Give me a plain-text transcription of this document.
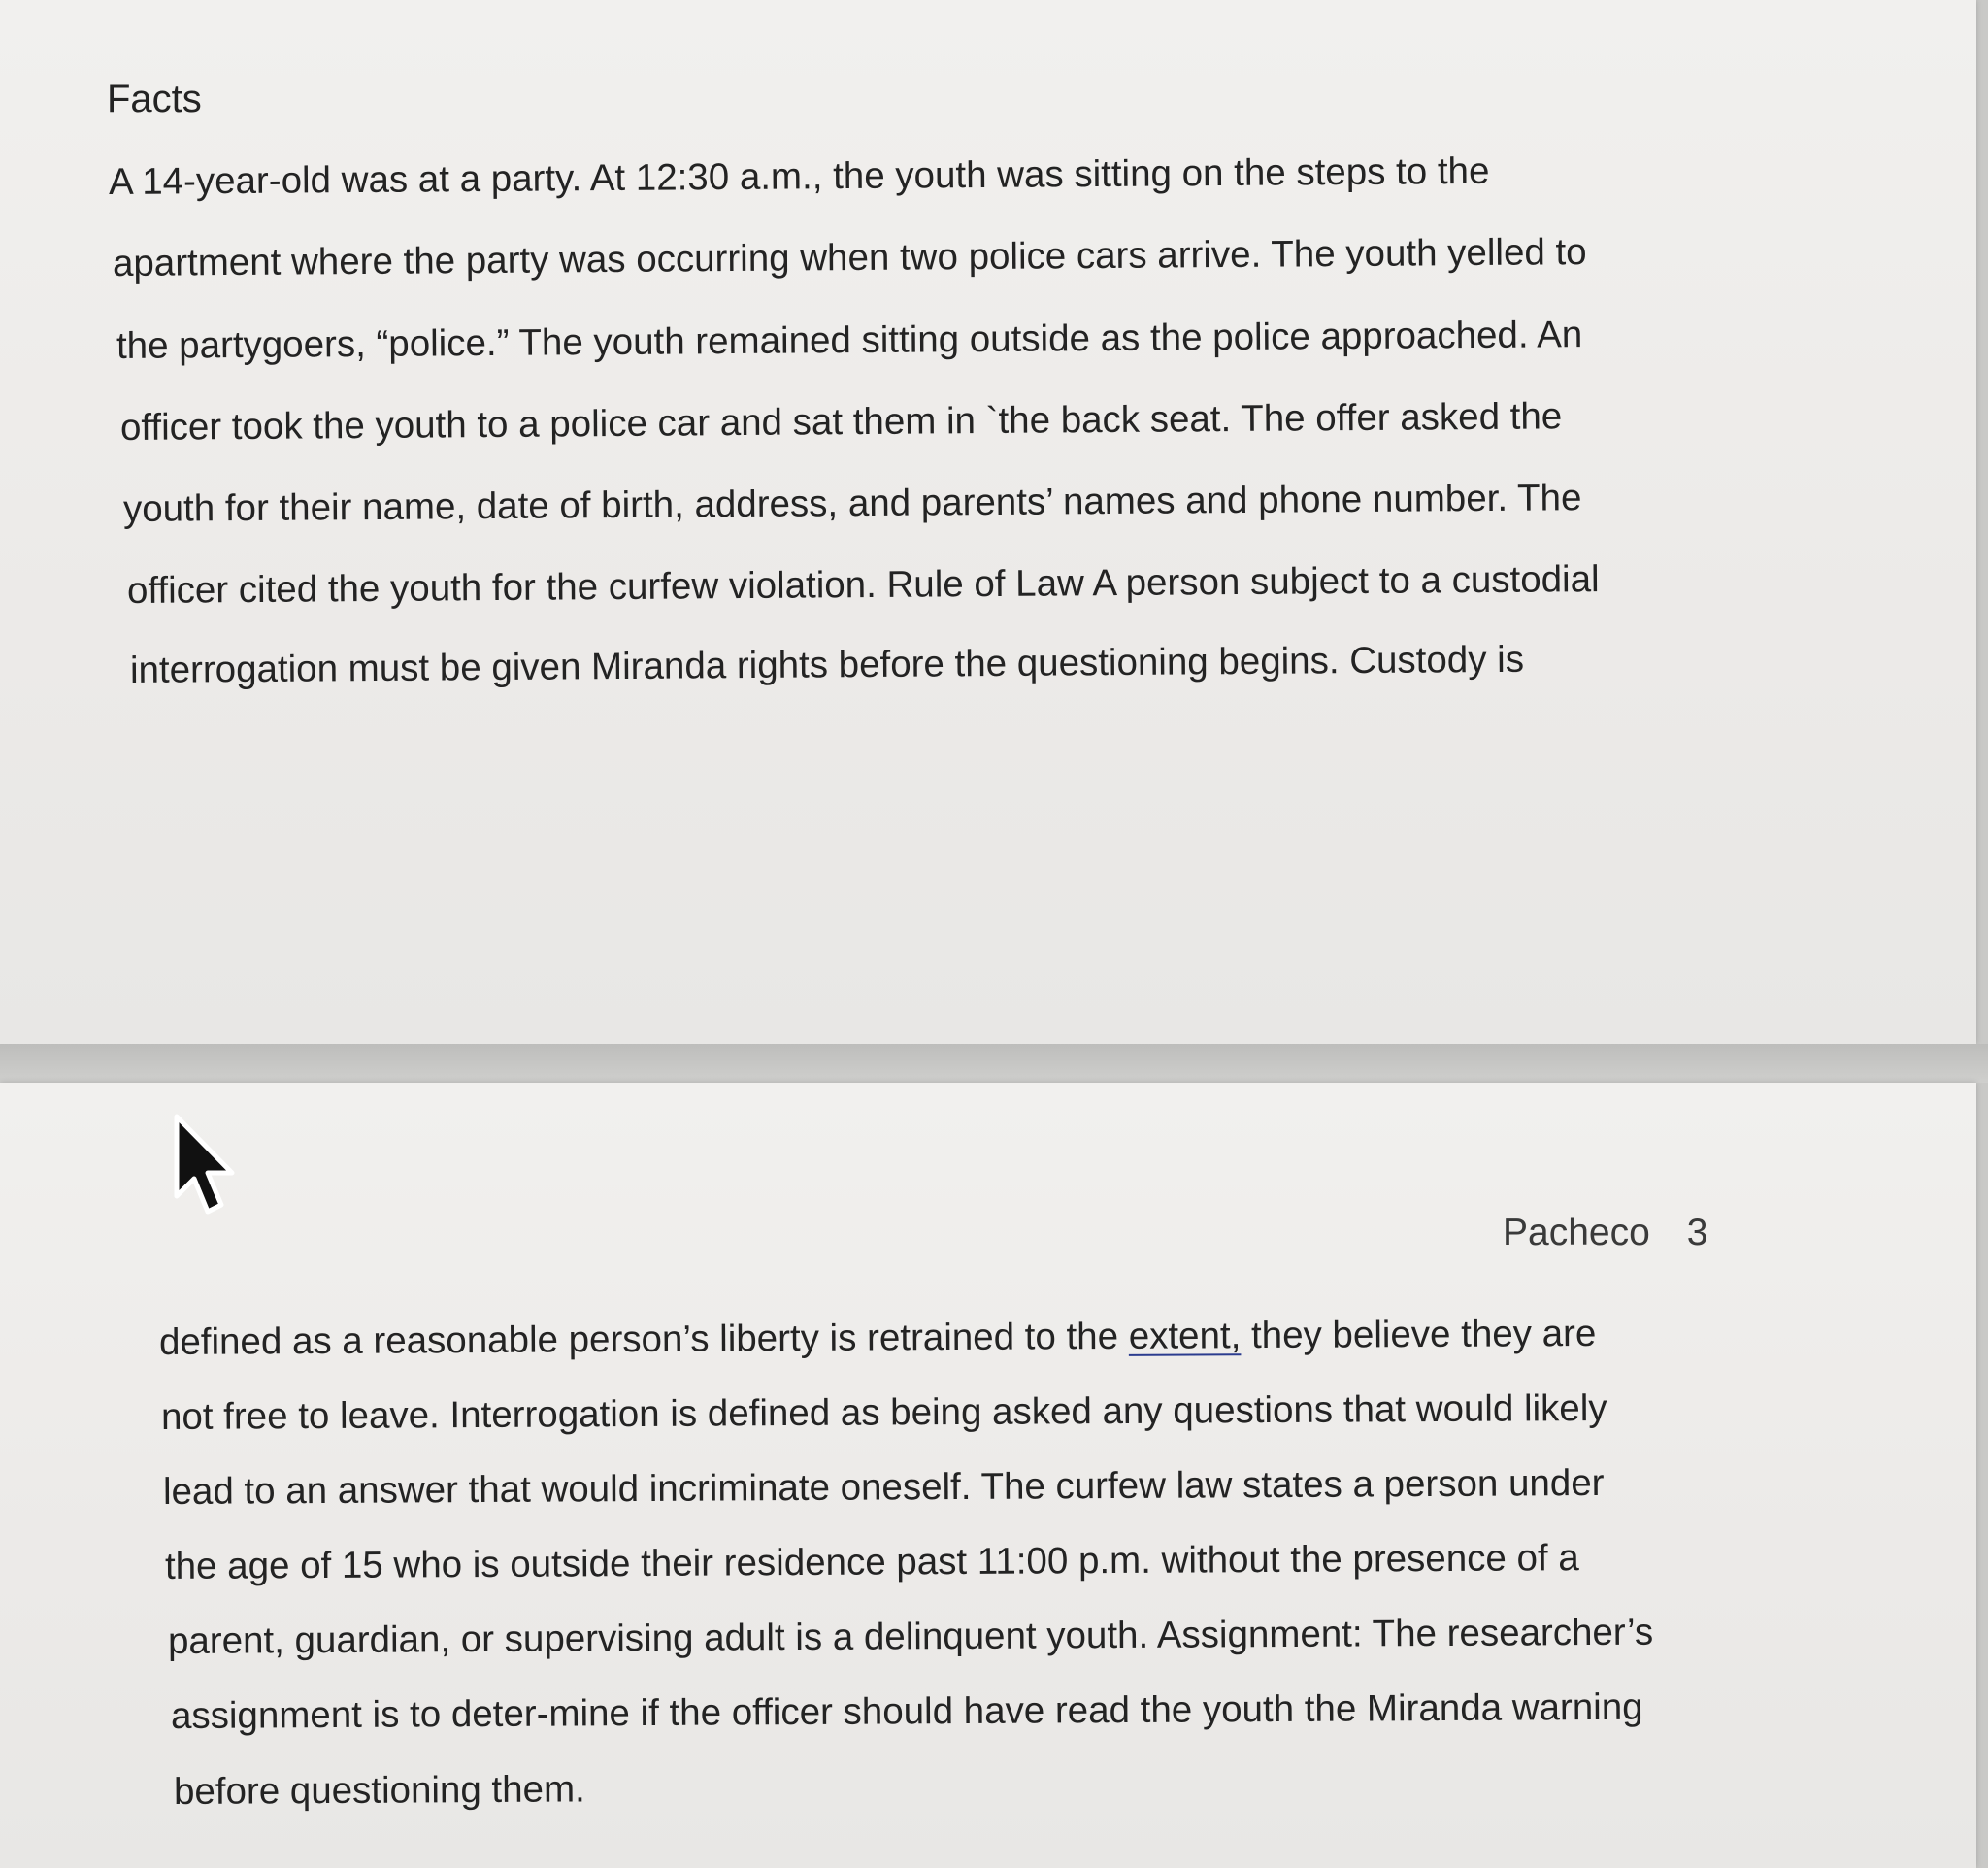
Facts
A 14-year-old was at a party. At 12:30 a.m., the youth was sitting on the steps to the
apartment where the party was occurring when two police cars arrive. The youth yelled to
the partygoers, “police.” The youth remained sitting outside as the police approached. An
officer took the youth to a police car and sat them in `the back seat. The offer asked the
youth for their name, date of birth, address, and parents’ names and phone number. The
officer cited the youth for the curfew violation. Rule of Law A person subject to a custodial
interrogation must be given Miranda rights before the questioning begins. Custody is
Pacheco 3
defined as a reasonable person’s liberty is retrained to the extent, they believe they are
not free to leave. Interrogation is defined as being asked any questions that would likely
lead to an answer that would incriminate oneself. The curfew law states a person under
the age of 15 who is outside their residence past 11:00 p.m. without the presence of a
parent, guardian, or supervising adult is a delinquent youth. Assignment: The researcher’s
assignment is to deter-mine if the officer should have read the youth the Miranda warning
before questioning them.
